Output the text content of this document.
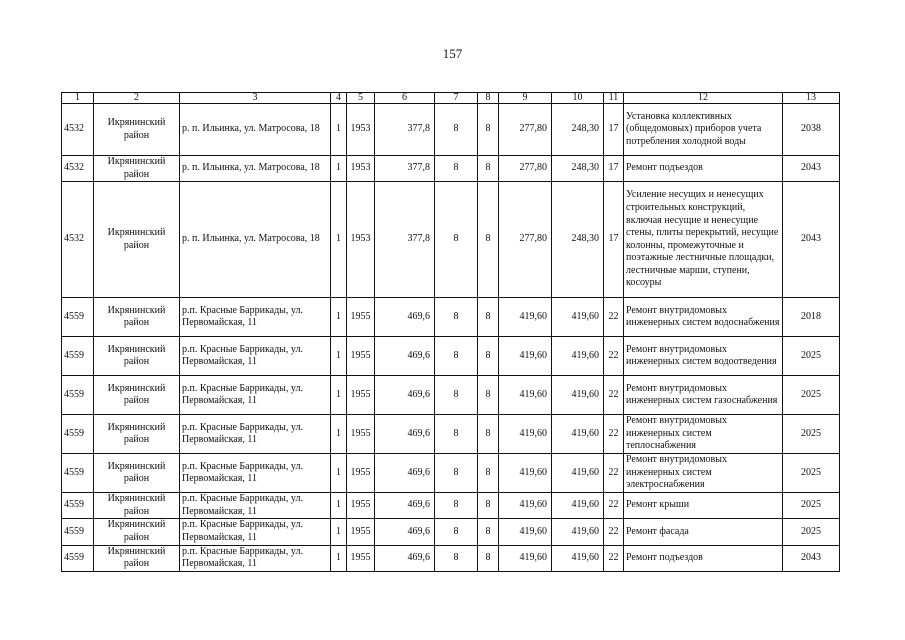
157
1	2	3	4	5	6	7	8	9	10	11	12	13
4532	Икрянинский район	р. п. Ильинка, ул. Матросова, 18	1	1953	377,8	8	8	277,80	248,30	17	Установка коллективных (общедомовых) приборов учета потребления холодной воды	2038
4532	Икрянинский район	р. п. Ильинка, ул. Матросова, 18	1	1953	377,8	8	8	277,80	248,30	17	Ремонт подъездов	2043
4532	Икрянинский район	р. п. Ильинка, ул. Матросова, 18	1	1953	377,8	8	8	277,80	248,30	17	Усиление несущих и ненесущих строительных конструкций, включая несущие и ненесущие стены, плиты перекрытий, несущие колонны, промежуточные и поэтажные лестничные площадки, лестничные марши, ступени, косоуры	2043
4559	Икрянинский район	р.п. Красные Баррикады, ул. Первомайская, 11	1	1955	469,6	8	8	419,60	419,60	22	Ремонт внутридомовых инженерных систем водоснабжения	2018
4559	Икрянинский район	р.п. Красные Баррикады, ул. Первомайская, 11	1	1955	469,6	8	8	419,60	419,60	22	Ремонт внутридомовых инженерных систем водоотведения	2025
4559	Икрянинский район	р.п. Красные Баррикады, ул. Первомайская, 11	1	1955	469,6	8	8	419,60	419,60	22	Ремонт внутридомовых инженерных систем газоснабжения	2025
4559	Икрянинский район	р.п. Красные Баррикады, ул. Первомайская, 11	1	1955	469,6	8	8	419,60	419,60	22	Ремонт внутридомовых инженерных систем теплоснабжения	2025
4559	Икрянинский район	р.п. Красные Баррикады, ул. Первомайская, 11	1	1955	469,6	8	8	419,60	419,60	22	Ремонт внутридомовых инженерных систем электроснабжения	2025
4559	Икрянинский район	р.п. Красные Баррикады, ул. Первомайская, 11	1	1955	469,6	8	8	419,60	419,60	22	Ремонт крыши	2025
4559	Икрянинский район	р.п. Красные Баррикады, ул. Первомайская, 11	1	1955	469,6	8	8	419,60	419,60	22	Ремонт фасада	2025
4559	Икрянинский район	р.п. Красные Баррикады, ул. Первомайская, 11	1	1955	469,6	8	8	419,60	419,60	22	Ремонт подъездов	2043
